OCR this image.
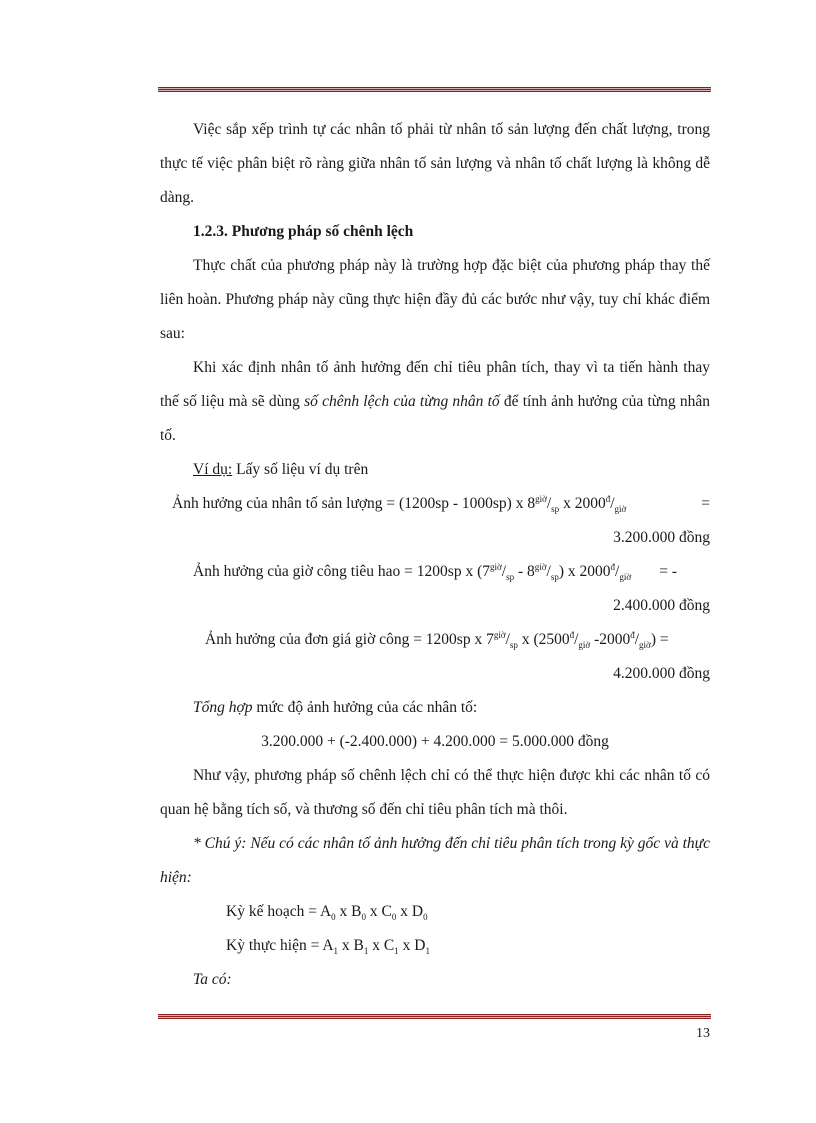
Việc sắp xếp trình tự các nhân tố phải từ nhân tố sản lượng đến chất lượng, trong thực tế việc phân biệt rõ ràng giữa nhân tố sản lượng và nhân tố chất lượng là không dễ dàng.

1.2.3. Phương pháp số chênh lệch

Thực chất của phương pháp này là trường hợp đặc biệt của phương pháp thay thế liên hoàn. Phương pháp này cũng thực hiện đầy đủ các bước như vậy, tuy chỉ khác điểm sau:

Khi xác định nhân tố ảnh hưởng đến chỉ tiêu phân tích, thay vì ta tiến hành thay thế số liệu mà sẽ dùng số chênh lệch của từng nhân tố để tính ảnh hưởng của từng nhân tố.

Ví dụ: Lấy số liệu ví dụ trên
Ảnh hưởng của nhân tố sản lượng = (1200sp - 1000sp) x $8^{giờ}/_{sp}$ x $2000^đ/_{giờ}$	=
3.200.000 đồng
Ảnh hưởng của giờ công tiêu hao = 1200sp x $(7^{giờ}/_{sp} - 8^{giờ}/_{sp})$ x $2000^đ/_{giờ}$ = -
2.400.000 đồng
Ảnh hưởng của đơn giá giờ công = 1200sp x $7^{giờ}/_{sp}$ x ($2500^đ/_{giờ}$ $-2000^đ/_{giờ}$) =
4.200.000 đồng
Tổng hợp mức độ ảnh hưởng của các nhân tố:
3.200.000 + (-2.400.000) + 4.200.000 = 5.000.000 đồng

Như vậy, phương pháp số chênh lệch chỉ có thể thực hiện được khi các nhân tố có quan hệ bằng tích số, và thương số đến chỉ tiêu phân tích mà thôi.

* Chú ý: Nếu có các nhân tố ảnh hưởng đến chỉ tiêu phân tích trong kỳ gốc và thực hiện:

Kỳ kế hoạch = $A_0$ x $B_0$ x $C_0$ x $D_0$
Kỳ thực hiện = $A_1$ x $B_1$ x $C_1$ x $D_1$
Ta có:
13
